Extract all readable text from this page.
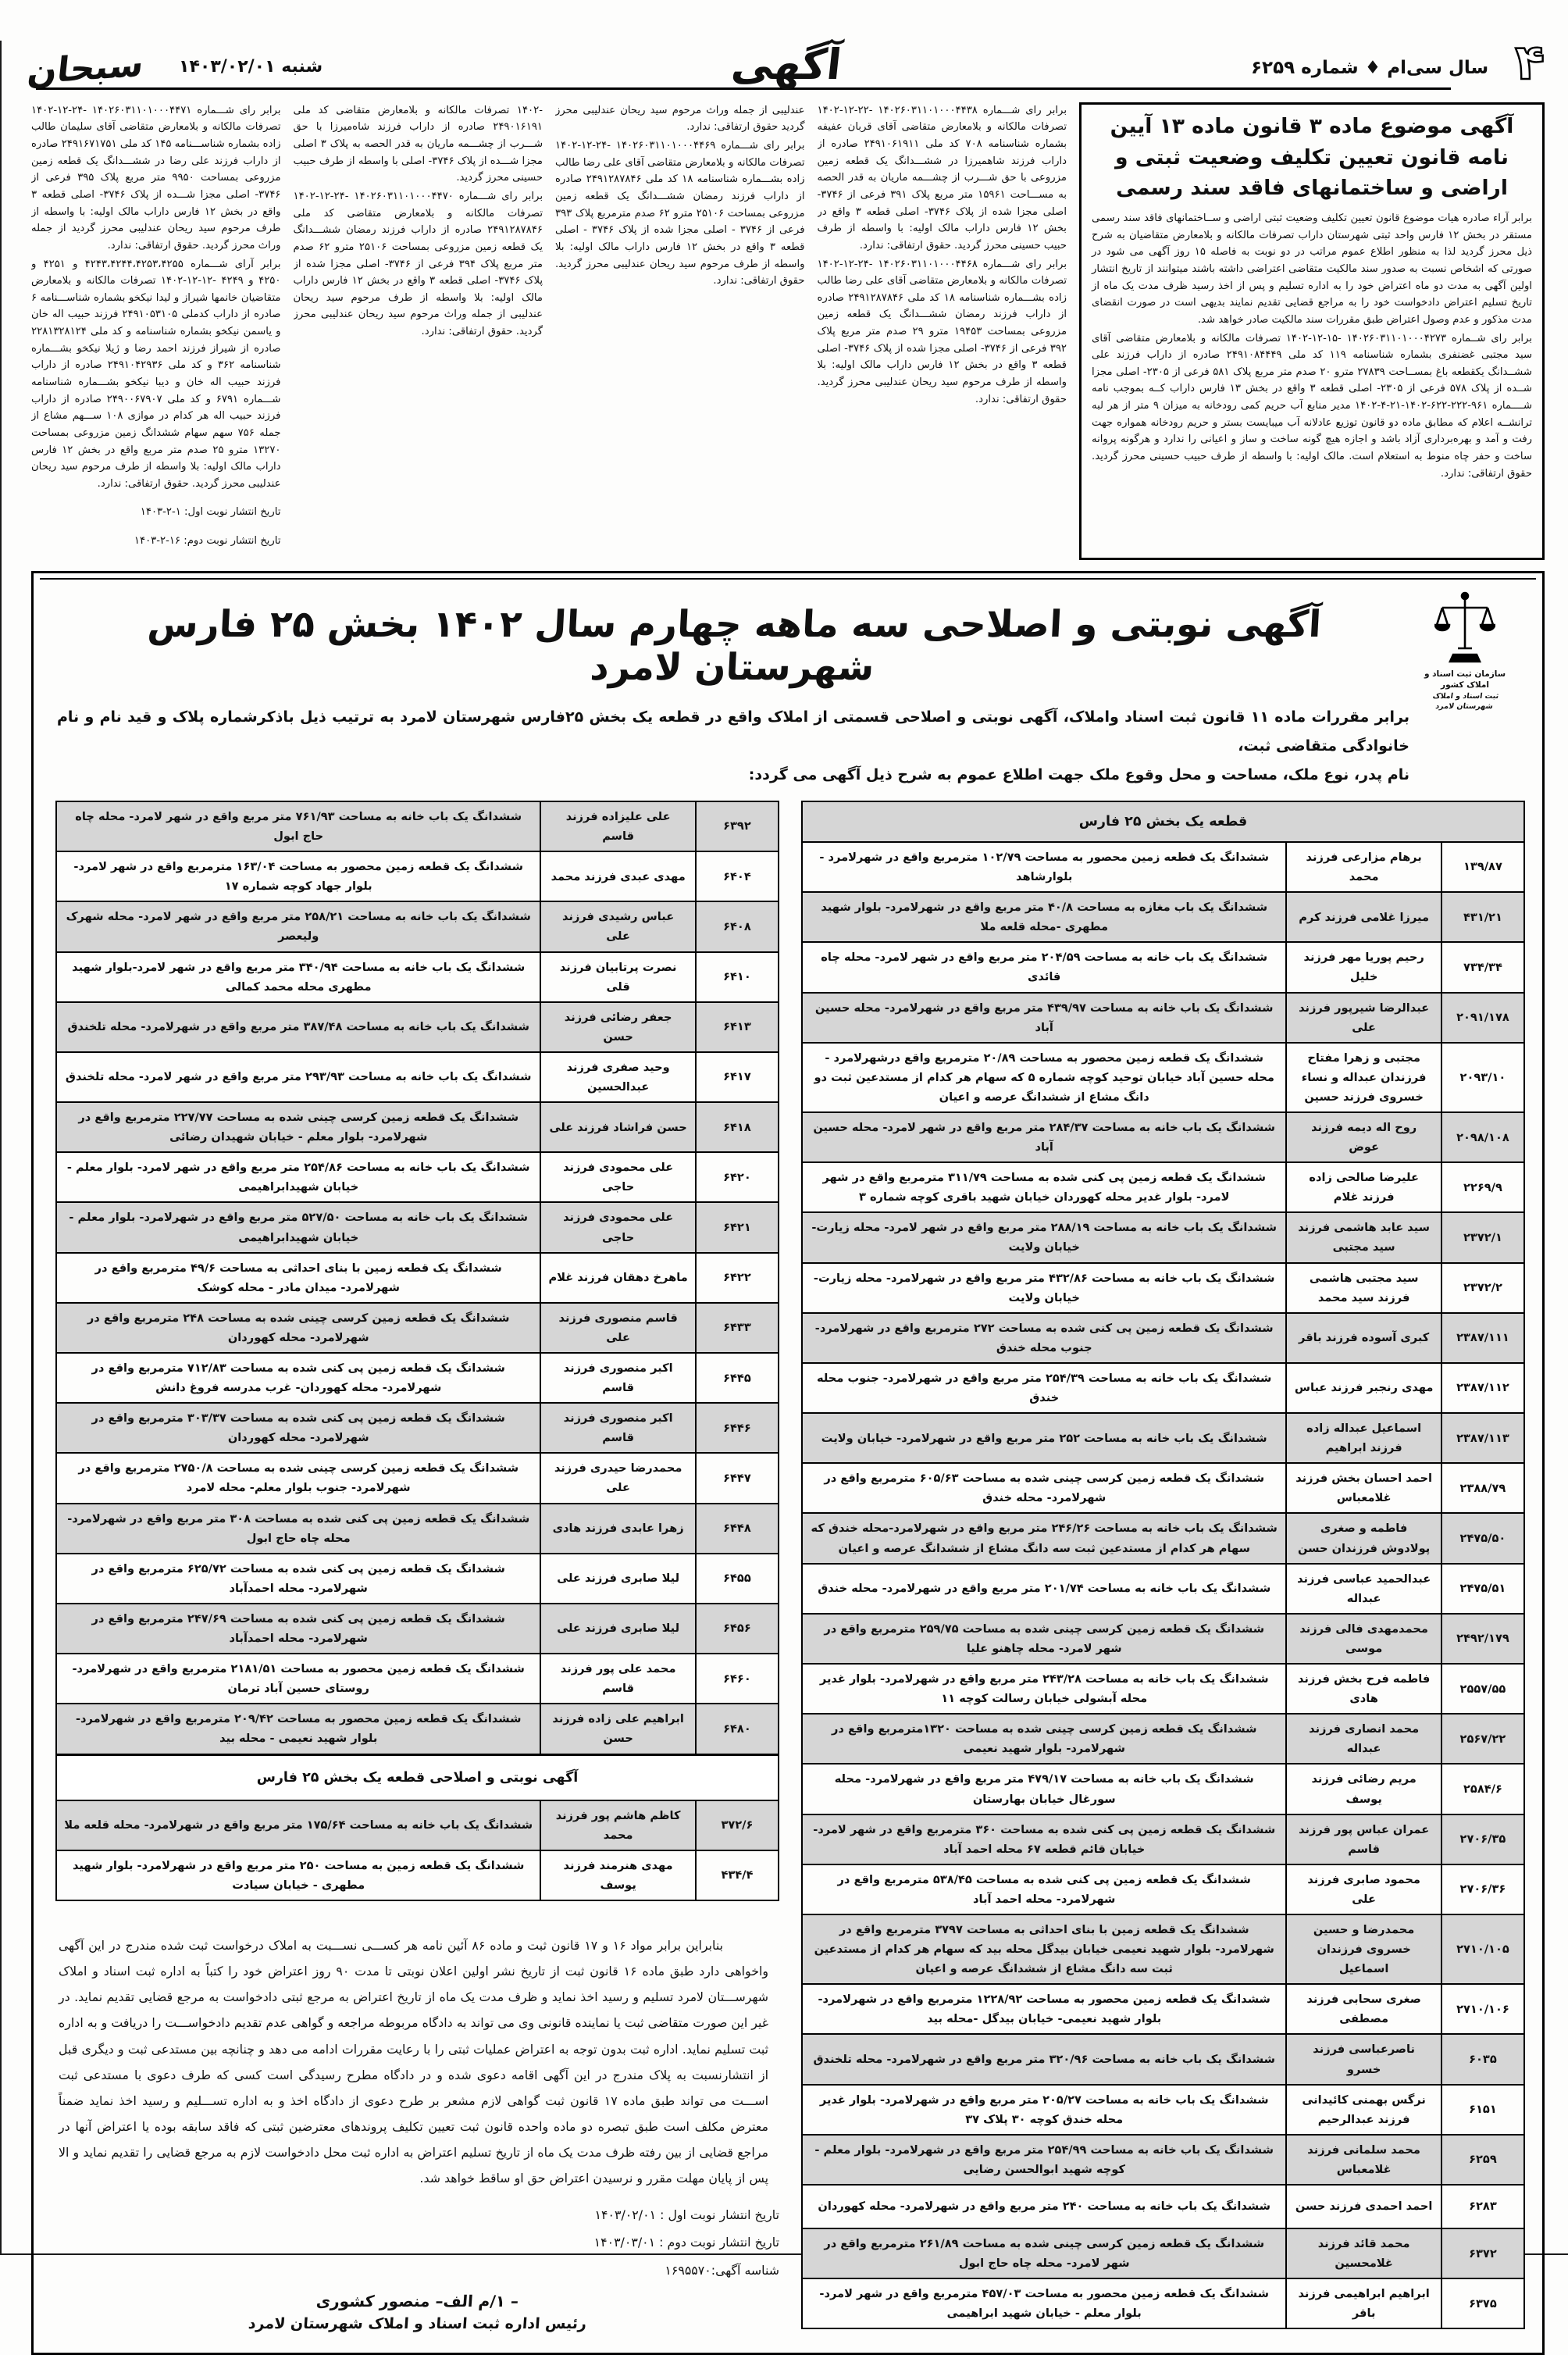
۴
سال سی‌ام ♦ شماره ۶۲۵۹
آگهی
شنبه ۱۴۰۳/۰۲/۰۱
سبحان
آگهی موضوع ماده ۳ قانون ماده ۱۳ آیین نامه قانون تعیین تکلیف وضعیت ثبتی و اراضی و ساختمانهای فاقد سند رسمی

برابر آراء صادره هیات موضوع قانون تعیین تکلیف وضعیت ثبتی اراضی و ســاختمانهای فاقد سند رسمی مستقر در بخش ۱۲ فارس واحد ثبتی شهرستان داراب تصرفات مالکانه و بلامعارض متقاضیان به شرح ذیل محرز گردید لذا به منظور اطلاع عموم مراتب در دو نوبت به فاصله ۱۵ روز آگهی می شود در صورتی که اشخاص نسبت به صدور سند مالکیت متقاضی اعتراضی داشته باشند میتوانند از تاریخ انتشار اولین آگهی به مدت دو ماه اعتراض خود را به اداره تسلیم و پس از اخذ رسید ظرف مدت یک ماه از تاریخ تسلیم اعتراض دادخواست خود را به مراجع قضایی تقدیم نمایند بدیهی است در صورت انقضای مدت مذکور و عدم وصول اعتراض طبق مقررات سند مالکیت صادر خواهد شد.

برابر رای شــماره ۱۴۰۲۶۰۳۱۱۰۱۰۰۰۴۲۷۳ -۱۵-۱۲-۱۴۰۲ تصرفات مالکانه و بلامعارض متقاضی آقای سید مجتبی غضنفری بشماره شناسنامه ۱۱۹ کد ملی ۲۴۹۱۰۸۴۴۴۹ صادره از داراب فرزند علی ششــدانگ یکقطعه باغ بمســاحت ۲۷۸۳۹ مترو ۲۰ صدم متر مربع پلاک ۵۸۱ فرعی از ۲۳۰۵- اصلی مجزا شــده از پلاک ۵۷۸ فرعی از ۲۳۰۵- اصلی قطعه ۳ واقع در بخش ۱۳ فارس داراب کــه بموجب نامه شــــماره ۹۶۱-۲۲۲-۶۲۲-۱۴۰۲-۲۱-۴-۱۴۰۲ مدیر منابع آب حریم کمی رودخانه به میزان ۹ متر از هر لبه ترانشــه اعلام که مطابق ماده دو قانون توزیع عادلانه آب میبایست بستر و حریم رودخانه همواره جهت رفت و آمد و بهره‌برداری آزاد باشد و اجازه هیچ گونه ساخت و ساز و اعیانی را ندارد و هرگونه پروانه ساخت و حفر چاه منوط به استعلام است. مالک اولیه: با واسطه از طرف حبیب حسینی محرز گردید. حقوق ارتفاقی: ندارد.

برابر رای شـــماره ۱۴۰۲۶۰۳۱۱۰۱۰۰۰۴۴۳۸ -۲۲-۱۲-۱۴۰۲ تصرفات مالکانه و بلامعارض متقاضی آقای قربان عفیفه بشماره شناسنامه ۷۰۸ کد ملی ۲۴۹۱۰۶۱۹۱۱ صادره از داراب فرزند شاهمیرزا در ششـــدانگ یک قطعه زمین مزروعی با حق شـــرب از چشـــمه ماریان به قدر الحصه به مســـاحت ۱۵۹۶۱ متر مربع پلاک ۳۹۱ فرعی از ۳۷۴۶- اصلی مجزا شده از پلاک ۳۷۴۶- اصلی قطعه ۳ واقع در بخش ۱۲ فارس داراب مالک اولیه: با واسطه از طرف حبیب حسینی محرز گردید. حقوق ارتفاقی: ندارد.

برابر رای شـــماره ۱۴۰۲۶۰۳۱۱۰۱۰۰۰۴۴۶۸ -۲۴-۱۲-۱۴۰۲ تصرفات مالکانه و بلامعارض متقاضی آقای علی رضا طالب زاده بشـــماره شناسنامه ۱۸ کد ملی ۲۴۹۱۲۸۷۸۴۶ صادره از داراب فرزند رمضان ششـــدانگ یک قطعه زمین مزروعی بمساحت ۱۹۴۵۳ مترو ۲۹ صدم متر مربع پلاک ۳۹۲ فرعی از ۳۷۴۶- اصلی مجزا شده از پلاک ۳۷۴۶- اصلی قطعه ۳ واقع در بخش ۱۲ فارس داراب مالک اولیه: بلا واسطه از طرف مرحوم سید ریحان عندلیبی محرز گردید. حقوق ارتفاقی: ندارد.

عندلیبی از جمله وراث مرحوم سید ریحان عندلیبی محرز گردید حقوق ارتفاقی: ندارد.

برابر رای شـــماره ۱۴۰۲۶۰۳۱۱۰۱۰۰۰۴۴۶۹ -۲۴-۱۲-۱۴۰۲ تصرفات مالکانه و بلامعارض متقاضی آقای علی رضا طالب زاده بشـــماره شناسنامه ۱۸ کد ملی ۲۴۹۱۲۸۷۸۴۶ صادره از داراب فرزند رمضان ششـــدانگ یک قطعه زمین مزروعی بمساحت ۲۵۱۰۶ مترو ۶۲ صدم مترمربع پلاک ۳۹۳ فرعی از ۳۷۴۶ - اصلی مجزا شده از پلاک ۳۷۴۶ - اصلی قطعه ۳ واقع در بخش ۱۲ فارس داراب مالک اولیه: بلا واسطه از طرف مرحوم سید ریحان عندلیبی محرز گردید. حقوق ارتفاقی: ندارد.

-۱۴۰۲ تصرفات مالکانه و بلامعارض متقاضی کد ملی ۲۴۹۰۱۶۱۹۱ صادره از داراب فرزند شاه‌میرزا با حق شـــرب از چشـــمه ماریان به قدر الحصه به پلاک ۳ اصلی مجزا شـــده از پلاک ۳۷۴۶- اصلی با واسطه از طرف حبیب حسینی محرز گردید.

برابر رای شـــماره ۱۴۰۲۶۰۳۱۱۰۱۰۰۰۴۴۷۰ -۲۴-۱۲-۱۴۰۲ تصرفات مالکانه و بلامعارض متقاضی کد ملی ۲۴۹۱۲۸۷۸۴۶ صادره از داراب فرزند رمضان ششـــدانگ یک قطعه زمین مزروعی بمساحت ۲۵۱۰۶ مترو ۶۲ صدم متر مربع پلاک ۳۹۴ فرعی از ۳۷۴۶- اصلی مجزا شده از پلاک ۳۷۴۶- اصلی قطعه ۳ واقع در بخش ۱۲ فارس داراب مالک اولیه: بلا واسطه از طرف مرحوم سید ریحان عندلیبی از جمله وراث مرحوم سید ریحان عندلیبی محرز گردید. حقوق ارتفاقی: ندارد.

برابر رای شـــماره ۱۴۰۲۶۰۳۱۱۰۱۰۰۰۴۴۷۱ -۲۴-۱۲-۱۴۰۲ تصرفات مالکانه و بلامعارض متقاضی آقای سلیمان طالب زاده بشماره شناســـنامه ۱۴۵ کد ملی ۲۴۹۱۶۷۱۷۵۱ صادره از داراب فرزند علی رضا در ششـــدانگ یک قطعه زمین مزروعی بمساحت ۹۹۵۰ متر مربع پلاک ۳۹۵ فرعی از ۳۷۴۶- اصلی مجزا شـــده از پلاک ۳۷۴۶- اصلی قطعه ۳ واقع در بخش ۱۲ فارس داراب مالک اولیه: با واسطه از طرف مرحوم سید ریحان عندلیبی محرز گردید از جمله وراث محرز گردید. حقوق ارتفاقی: ندارد.

برابر آرای شـــماره ۴۲۴۳،۴۲۴۴،۴۲۵۳،۴۲۵۵ و ۴۲۵۱ و ۴۲۵۰ و ۴۲۴۹ -۱۲-۱۲-۱۴۰۲ تصرفات مالکانه و بلامعارض متقاضیان خانمها شیراز و لیدا نیکخو بشماره شناســـنامه ۶ صادره از داراب کدملی ۲۴۹۱۰۵۳۱۰۵ فرزند حبیب اله خان و یاسمن نیکخو بشماره شناسنامه و کد ملی ۲۲۸۱۳۲۸۱۲۴ صادره از شیراز فرزند احمد رضا و ژیلا نیکخو بشـــماره شناسنامه ۳۶۲ و کد ملی ۲۴۹۱۰۴۲۹۳۶ صادره از داراب فرزند حبیب اله خان و دیبا نیکخو بشـــماره شناسنامه شـــماره ۶۷۹۱ و کد ملی ۲۴۹۰۰۶۷۹۰۷ صادره از داراب فرزند حبیب اله هر کدام در موازی ۱۰۸ ســـهم مشاع از جمله ۷۵۶ سهم سهام ششدانگ زمین مزروعی بمساحت ۱۳۲۷۰ مترو ۲۵ صدم متر مربع واقع در بخش ۱۲ فارس داراب مالک اولیه: بلا واسطه از طرف مرحوم سید ریحان عندلیبی محرز گردید. حقوق ارتفاقی: ندارد.

تاریخ انتشار نوبت اول: ۱-۲-۱۴۰۳

تاریخ انتشار نوبت دوم: ۱۶-۲-۱۴۰۳

آگهی نوبتی و اصلاحی سه ماهه چهارم سال ۱۴۰۲ بخش ۲۵ فارس شهرستان لامرد	سازمان ثبت اسناد و املاک کشور
ثبت اسناد و املاک شهرستان لامرد

برابر مقررات ماده ۱۱ قانون ثبت اسناد واملاک، آگهی نوبتی و اصلاحی قسمتی از املاک واقع در قطعه یک بخش ۲۵فارس شهرستان لامرد به ترتیب ذیل باذکرشماره پلاک و قید نام و نام خانوادگی متقاضی ثبت،

نام پدر، نوع ملک، مساحت و محل وقوع ملک جهت اطلاع عموم به شرح ذیل آگهی می گردد:

قطعه یک بخش ۲۵ فارس
۱۳۹/۸۷
برهام مزارعی فرزند محمد
ششدانگ یک قطعه زمین محصور به مساحت ۱۰۲/۷۹ مترمربع واقع در شهرلامرد - بلوارشاهد
۴۳۱/۲۱
میرزا غلامی فرزند کرم
ششدانگ یک باب مغازه به مساحت ۴۰/۸ متر مربع واقع در شهرلامرد- بلوار شهید مطهری -محله قلعه ملا
۷۳۴/۳۴
رحیم پوریا مهر فرزند خلیل
ششدانگ یک باب خانه به مساحت ۲۰۴/۵۹ متر مربع واقع در شهر لامرد- محله چاه قائدی
۲۰۹۱/۱۷۸
عبدالرضا شیرپور فرزند علی
ششدانگ یک باب خانه به مساحت ۴۳۹/۹۷ متر مربع واقع در شهرلامرد- محله حسین آباد
۲۰۹۳/۱۰
مجتبی و زهرا مفتاح فرزندان عبداله و نساء خسروی فرزند حسین
ششدانگ یک قطعه زمین محصور به مساحت ۲۰/۸۹ مترمربع واقع درشهرلامرد - محله حسین آباد خیابان توحید کوچه شماره ۵ که سهام هر کدام از مستدعین ثبت دو دانگ مشاع از ششدانگ عرصه و اعیان
۲۰۹۸/۱۰۸
روح اله دیمه فرزند عوض
ششدانگ یک باب خانه به مساحت ۲۸۴/۳۷ متر مربع واقع در شهر لامرد- محله حسین آباد
۲۲۶۹/۹
علیرضا صالحی زاده فرزند غلام
ششدانگ یک قطعه زمین پی کنی شده به مساحت ۳۱۱/۷۹ مترمربع واقع در شهر لامرد- بلوار غدیر محله کهوردان خیابان شهید باقری کوچه شماره ۳
۲۳۷۲/۱
سید عابد هاشمی فرزند سید مجتبی
ششدانگ یک باب خانه به مساحت ۲۸۸/۱۹ متر مربع واقع در شهر لامرد- محله زیارت- خیابان ولایت
۲۳۷۲/۲
سید مجتبی هاشمی فرزند سید محمد
ششدانگ یک باب خانه به مساحت ۴۳۲/۸۶ متر مربع واقع در شهرلامرد- محله زیارت- خیابان ولایت
۲۳۸۷/۱۱۱
کبری آسوده فرزند باقر
ششدانگ یک قطعه زمین پی کنی شده به مساحت ۲۷۲ مترمربع واقع در شهرلامرد- جنوب محله خندق
۲۳۸۷/۱۱۲
مهدی رنجبر فرزند عباس
ششدانگ یک باب خانه به مساحت ۲۵۴/۳۹ متر مربع واقع در شهرلامرد- جنوب محله خندق
۲۳۸۷/۱۱۳
اسماعیل عبداله زاده فرزند ابراهیم
ششدانگ یک باب خانه به مساحت ۲۵۲ متر مربع واقع در شهرلامرد- خیابان ولایت
۲۳۸۸/۷۹
احمد احسان بخش فرزند غلامعباس
ششدانگ یک قطعه زمین کرسی چینی شده به مساحت ۶۰۵/۶۳ مترمربع واقع در شهرلامرد- محله خندق
۲۴۷۵/۵۰
فاطمه و صغری پولادوش فرزندان حسن
ششدانگ یک باب خانه به مساحت ۲۴۶/۲۶ متر مربع واقع در شهرلامرد-محله خندق که سهام هر کدام از مستدعین ثبت سه دانگ مشاع از ششدانگ عرصه و اعیان
۲۴۷۵/۵۱
عبدالحمید عباسی فرزند عبداله
ششدانگ یک باب خانه به مساحت ۲۰۱/۷۴ متر مربع واقع در شهرلامرد- محله خندق
۲۴۹۲/۱۷۹
محمدمهدی فالی فرزند موسی
ششدانگ یک قطعه زمین کرسی چینی شده به مساحت ۲۵۹/۷۵ مترمربع واقع در شهر لامرد- محله چاهنو علیا
۲۵۵۷/۵۵
فاطمه فرح بخش فرزند هادی
ششدانگ یک باب خانه به مساحت ۲۴۳/۲۸ متر مربع واقع در شهرلامرد- بلوار غدیر محله آبشولی خیابان رسالت کوچه ۱۱
۲۵۶۷/۲۲
محمد انصاری فرزند عبداله
ششدانگ یک قطعه زمین کرسی چینی شده به مساحت ۱۳۲۰مترمربع واقع در شهرلامرد- بلوار شهید نعیمی
۲۵۸۴/۶
مریم رضائی فرزند یوسف
ششدانگ یک باب خانه به مساحت ۴۷۹/۱۷ متر مربع واقع در شهرلامرد- محله سورغال خیابان بهارستان
۲۷۰۶/۳۵
عمران عباس پور فرزند قاسم
ششدانگ یک قطعه زمین پی کنی شده به مساحت ۳۶۰ مترمربع واقع در شهر لامرد- خیابان قائم قطعه ۶۷ محله احمد آباد
۲۷۰۶/۳۶
محمود صابری فرزند علی
ششدانگ یک قطعه زمین پی کنی شده به مساحت ۵۳۸/۴۵ مترمربع واقع در شهرلامرد- محله احمد آباد
۲۷۱۰/۱۰۵
محمدرضا و حسین خسروی فرزندان اسماعیل
ششدانگ یک قطعه زمین با بنای احداثی به مساحت ۳۷۹۷ مترمربع واقع در شهرلامرد- بلوار شهید نعیمی خیابان بیدگل محله بید که سهام هر کدام از مستدعین ثبت سه دانگ مشاع از ششدانگ عرصه و اعیان
۲۷۱۰/۱۰۶
صغری سحابی فرزند مصطفی
ششدانگ یک قطعه زمین محصور به مساحت ۱۲۲۸/۹۲ مترمربع واقع در شهرلامرد- بلوار شهید نعیمی- خیابان بیدگل -محله بید
۶۰۳۵
ناصرعباسی فرزند خسرو
ششدانگ یک باب خانه به مساحت ۳۲۰/۹۶ متر مربع واقع در شهرلامرد- محله تلخندق
۶۱۵۱
نرگس بهمنی کائیدانی فرزند عبدالرحیم
ششدانگ یک باب خانه به مساحت ۲۰۵/۲۷ متر مربع واقع در شهرلامرد- بلوار غدیر محله خندق کوچه ۳۰ پلاک ۳۷
۶۲۵۹
محمد سلمانی فرزند غلامعباس
ششدانگ یک باب خانه به مساحت ۲۵۴/۹۹ متر مربع واقع در شهرلامرد- بلوار معلم - کوچه شهید ابوالحسن رضایی
۶۲۸۳
احمد احمدی فرزند حسن
ششدانگ یک باب خانه به مساحت ۲۴۰ متر مربع واقع در شهرلامرد- محله کهوردان
۶۳۷۲
محمد قائد فرزند غلامحسین
ششدانگ یک قطعه زمین کرسی چینی شده به مساحت ۲۶۱/۸۹ مترمربع واقع در شهر لامرد- محله چاه حاج ابول
۶۳۷۵
ابراهیم ابراهیمی فرزند باقر
ششدانگ یک قطعه زمین محصور به مساحت ۴۵۷/۰۳ مترمربع واقع در شهر لامرد- بلوار معلم - خیابان شهید ابراهیمی
۶۳۹۲
علی علیزاده فرزند قاسم
ششدانگ یک باب خانه به مساحت ۷۶۱/۹۳ متر مربع واقع در شهر لامرد- محله چاه حاج ابول
۶۴۰۴
مهدی عبدی فرزند محمد
ششدانگ یک قطعه زمین محصور به مساحت ۱۶۳/۰۴ مترمربع واقع در شهر لامرد- بلوار جهاد کوچه شماره ۱۷
۶۴۰۸
عباس رشیدی فرزند علی
ششدانگ یک باب خانه به مساحت ۲۵۸/۲۱ متر مربع واقع در شهر لامرد- محله شهرک ولیعصر
۶۴۱۰
نصرت پرتابیان فرزند قلی
ششدانگ یک باب خانه به مساحت ۳۴۰/۹۴ متر مربع واقع در شهر لامرد-بلوار شهید مطهری محله محمد کمالی
۶۴۱۳
جعفر رضائی فرزند حسن
ششدانگ یک باب خانه به مساحت ۳۸۷/۴۸ متر مربع واقع در شهرلامرد- محله تلخندق
۶۴۱۷
وحید صفری فرزند عبدالحسین
ششدانگ یک باب خانه به مساحت ۲۹۳/۹۳ متر مربع واقع در شهر لامرد- محله تلخندق
۶۴۱۸
حسن فراشاد فرزند علی
ششدانگ یک قطعه زمین کرسی چینی شده به مساحت ۲۲۷/۷۷ مترمربع واقع در شهرلامرد- بلوار معلم - خیابان شهیدان رضائی
۶۴۲۰
علی محمودی فرزند حاجی
ششدانگ یک باب خانه به مساحت ۲۵۴/۸۶ متر مربع واقع در شهر لامرد- بلوار معلم - خیابان شهیدابراهیمی
۶۴۲۱
علی محمودی فرزند حاجی
ششدانگ یک باب خانه به مساحت ۵۲۷/۵۰ متر مربع واقع در شهرلامرد- بلوار معلم - خیابان شهیدابراهیمی
۶۴۲۲
ماهرخ دهقان فرزند غلام
ششدانگ یک قطعه زمین با بنای احداثی به مساحت ۴۹/۶ مترمربع واقع در شهرلامرد- میدان مادر - محله کوشک
۶۴۳۳
قاسم منصوری فرزند علی
ششدانگ یک قطعه زمین کرسی چینی شده به مساحت ۲۴۸ مترمربع واقع در شهرلامرد- محله کهوردان
۶۴۴۵
اکبر منصوری فرزند قاسم
ششدانگ یک قطعه زمین پی کنی شده به مساحت ۷۱۲/۸۳ مترمربع واقع در شهرلامرد- محله کهوردان- غرب مدرسه فروغ دانش
۶۴۴۶
اکبر منصوری فرزند قاسم
ششدانگ یک قطعه زمین پی کنی شده به مساحت ۳۰۳/۳۷ مترمربع واقع در شهرلامرد- محله کهوردان
۶۴۴۷
محمدرضا حیدری فرزند علی
ششدانگ یک قطعه زمین کرسی چینی شده به مساحت ۲۷۵۰/۸ مترمربع واقع در شهرلامرد- جنوب بلوار معلم- محله لامرد
۶۴۴۸
زهرا عابدی فرزند هادی
ششدانگ یک قطعه زمین پی کنی شده به مساحت ۳۰۸ متر مربع واقع در شهرلامرد- محله چاه حاج ابول
۶۴۵۵
لیلا صابری فرزند علی
ششدانگ یک قطعه زمین پی کنی شده به مساحت ۶۲۵/۷۲ مترمربع واقع در شهرلامرد- محله احمدآباد
۶۴۵۶
لیلا صابری فرزند علی
ششدانگ یک قطعه زمین پی کنی شده به مساحت ۲۴۷/۶۹ مترمربع واقع در شهرلامرد- محله احمدآباد
۶۴۶۰
محمد علی پور فرزند قاسم
ششدانگ یک قطعه زمین محصور به مساحت ۲۱۸۱/۵۱ مترمربع واقع در شهرلامرد- روستای حسین آباد ترمان
۶۴۸۰
ابراهیم علی زاده فرزند حسن
ششدانگ یک قطعه زمین محصور به مساحت ۲۰۹/۴۲ مترمربع واقع در شهرلامرد- بلوار شهید نعیمی - محله بید
آگهی نوبتی و اصلاحی قطعه یک بخش ۲۵ فارس
۳۷۲/۶
کاظم هاشم پور فرزند محمد
ششدانگ یک باب خانه به مساحت ۱۷۵/۶۴ متر مربع واقع در شهرلامرد- محله قلعه ملا
۴۳۴/۴
مهدی هنرمند فرزند یوسف
ششدانگ یک قطعه زمین به مساحت ۲۵۰ متر مربع واقع در شهرلامرد- بلوار شهید مطهری - خیابان سیادت

بنابراین برابر مواد ۱۶ و ۱۷ قانون ثبت و ماده ۸۶ آئین نامه هر کســـی نســـبت به املاک درخواست ثبت شده مندرج در این آگهی واخواهی دارد طبق ماده ۱۶ قانون ثبت از تاریخ نشر اولین اعلان نوبتی تا مدت ۹۰ روز اعتراض خود را کتباً به اداره ثبت اسناد و املاک شهرســـتان لامرد تسلیم و رسید اخذ نماید و ظرف مدت یک ماه از تاریخ اعتراض به مرجع ثبتی دادخواست به مرجع قضایی تقدیم نماید. در غیر این صورت متقاضی ثبت یا نماینده قانونی وی می تواند به دادگاه مربوطه مراجعه و گواهی عدم تقدیم دادخواســـت را دریافت و به اداره ثبت تسلیم نماید. اداره ثبت بدون توجه به اعتراض عملیات ثبتی را با رعایت مقررات ادامه می دهد و چنانچه بین مستدعی ثبت و دیگری قبل از انتشارنسبت به پلاک مندرج در این آگهی اقامه دعوی شده و در دادگاه مطرح رسیدگی است کسی که طرف دعوی با مستدعی ثبت اســـت می تواند طبق ماده ۱۷ قانون ثبت گواهی لازم مشعر بر طرح دعوی از دادگاه اخذ و به اداره تســـلیم و رسید اخذ نماید ضمناً معترض مکلف است طبق تبصره دو ماده واحده قانون ثبت تعیین تکلیف پروندهای معترضین ثبتی که فاقد سابقه بوده یا اعتراض آنها در مراجع قضایی از بین رفته ظرف مدت یک ماه از تاریخ تسلیم اعتراض به اداره ثبت محل دادخواست لازم به مرجع قضایی را تقدیم نماید و الا پس از پایان مهلت مقرر و نرسیدن اعتراض حق او ساقط خواهد شد.

تاریخ انتشار نوبت اول : ۱۴۰۳/۰۲/۰۱
تاریخ انتشار نوبت دوم : ۱۴۰۳/۰۳/۰۱
شناسه آگهی:۱۶۹۵۵۷۰
– ۱/م الف– منصور کشوری
رئیس اداره ثبت اسناد و املاک شهرستان لامرد
